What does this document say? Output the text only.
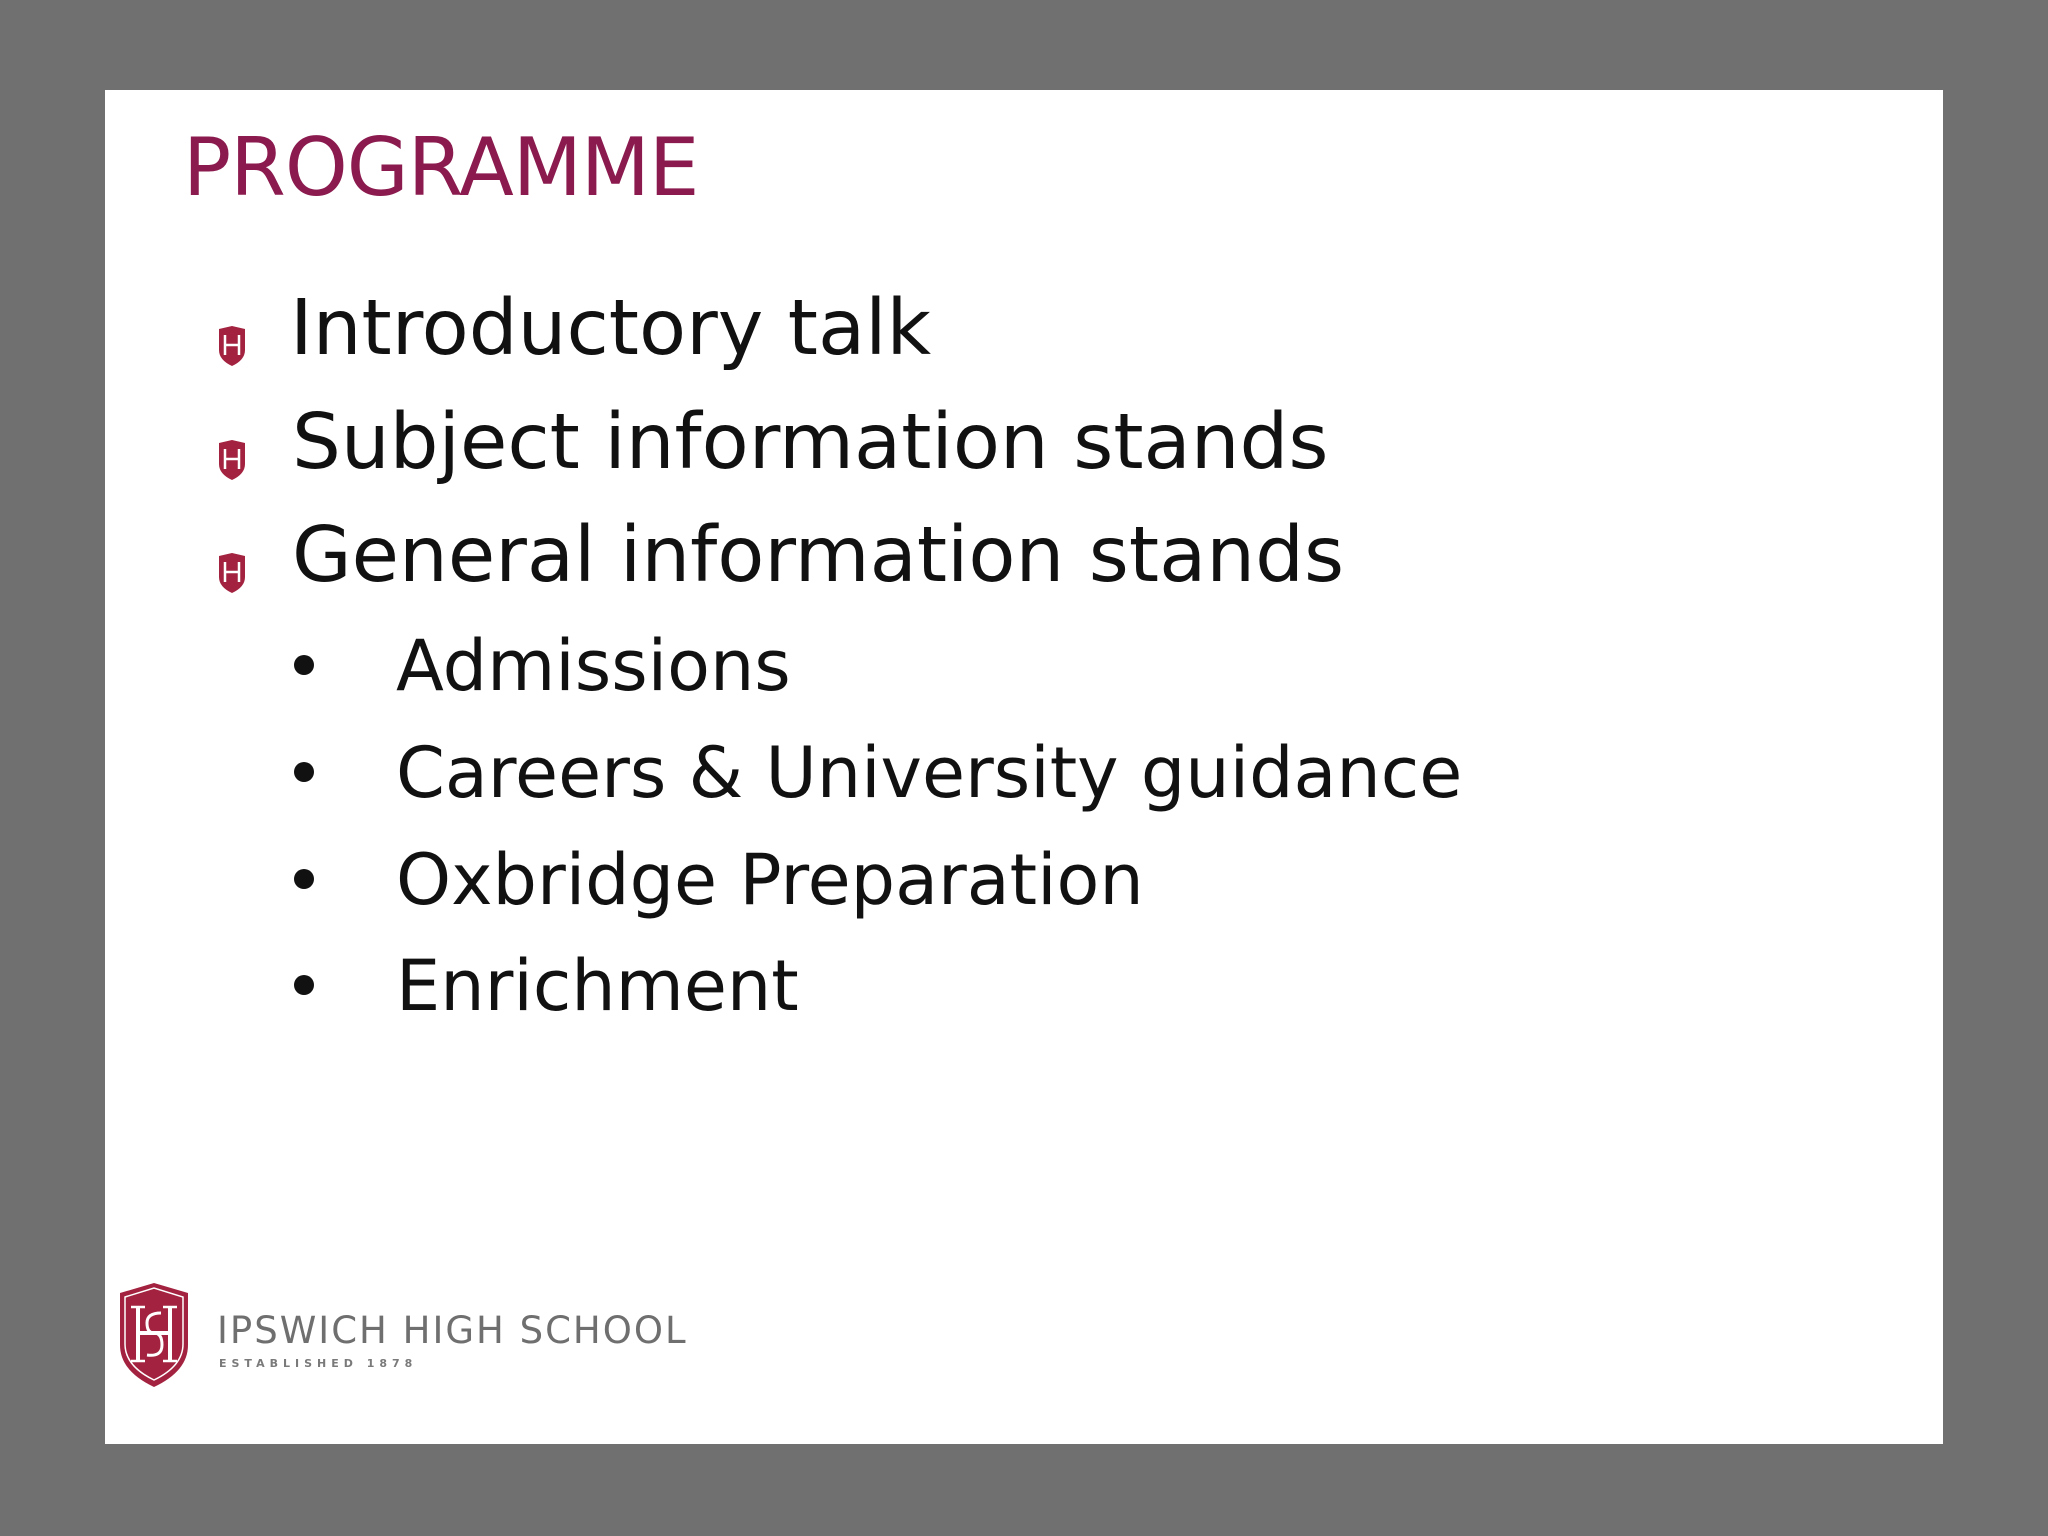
PROGRAMME
Introductory talk
Subject information stands
General information stands
Admissions
Careers & University guidance
Oxbridge Preparation
Enrichment
IPSWICH HIGH SCHOOL
ESTABLISHED 1878
